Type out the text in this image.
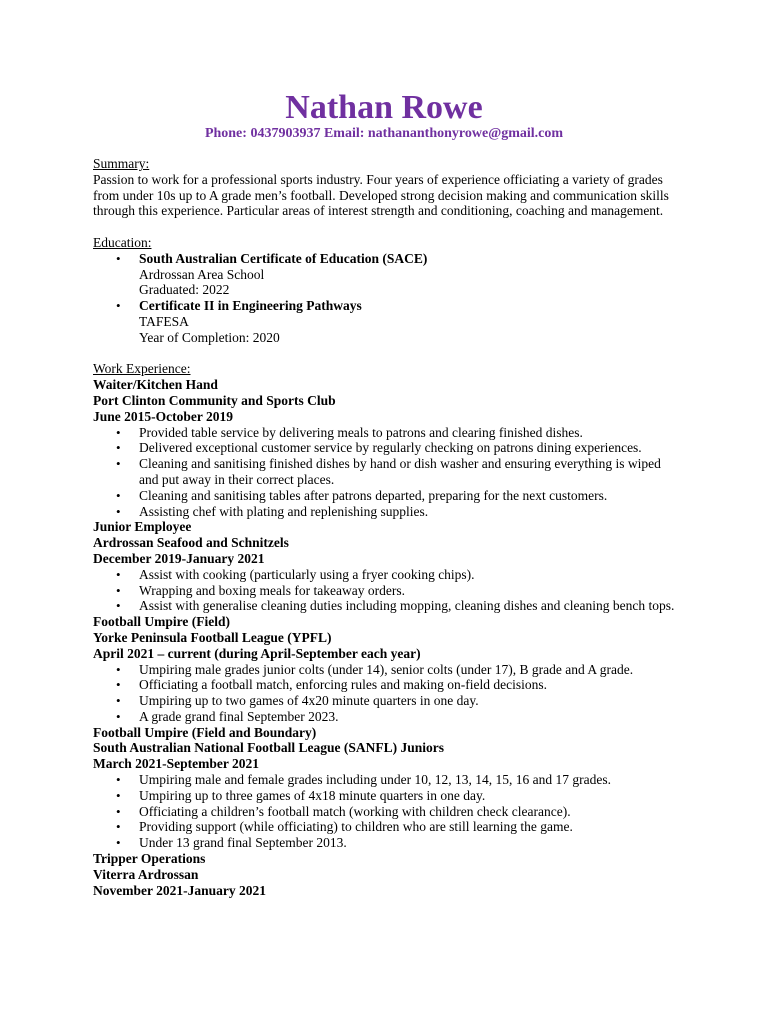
Nathan Rowe
Phone: 0437903937 Email: nathananthonyrowe@gmail.com

Summary:

Passion to work for a professional sports industry. Four years of experience officiating a variety of grades from under 10s up to A grade men’s football. Developed strong decision making and communication skills through this experience. Particular areas of interest strength and conditioning, coaching and management.

Education:

• South Australian Certificate of Education (SACE)
Ardrossan Area School
Graduated: 2022
• Certificate II in Engineering Pathways
TAFESA
Year of Completion: 2020

Work Experience:

Waiter/Kitchen Hand

Port Clinton Community and Sports Club

June 2015-October 2019

• Provided table service by delivering meals to patrons and clearing finished dishes.
• Delivered exceptional customer service by regularly checking on patrons dining experiences.
• Cleaning and sanitising finished dishes by hand or dish washer and ensuring everything is wiped and put away in their correct places.
• Cleaning and sanitising tables after patrons departed, preparing for the next customers.
• Assisting chef with plating and replenishing supplies.

Junior Employee

Ardrossan Seafood and Schnitzels

December 2019-January 2021

• Assist with cooking (particularly using a fryer cooking chips).
• Wrapping and boxing meals for takeaway orders.
• Assist with generalise cleaning duties including mopping, cleaning dishes and cleaning bench tops.

Football Umpire (Field)

Yorke Peninsula Football League (YPFL)

April 2021 – current (during April-September each year)

• Umpiring male grades junior colts (under 14), senior colts (under 17), B grade and A grade.
• Officiating a football match, enforcing rules and making on-field decisions.
• Umpiring up to two games of 4x20 minute quarters in one day.
• A grade grand final September 2023.

Football Umpire (Field and Boundary)

South Australian National Football League (SANFL) Juniors

March 2021-September 2021

• Umpiring male and female grades including under 10, 12, 13, 14, 15, 16 and 17 grades.
• Umpiring up to three games of 4x18 minute quarters in one day.
• Officiating a children’s football match (working with children check clearance).
• Providing support (while officiating) to children who are still learning the game.
• Under 13 grand final September 2013.

Tripper Operations

Viterra Ardrossan

November 2021-January 2021
